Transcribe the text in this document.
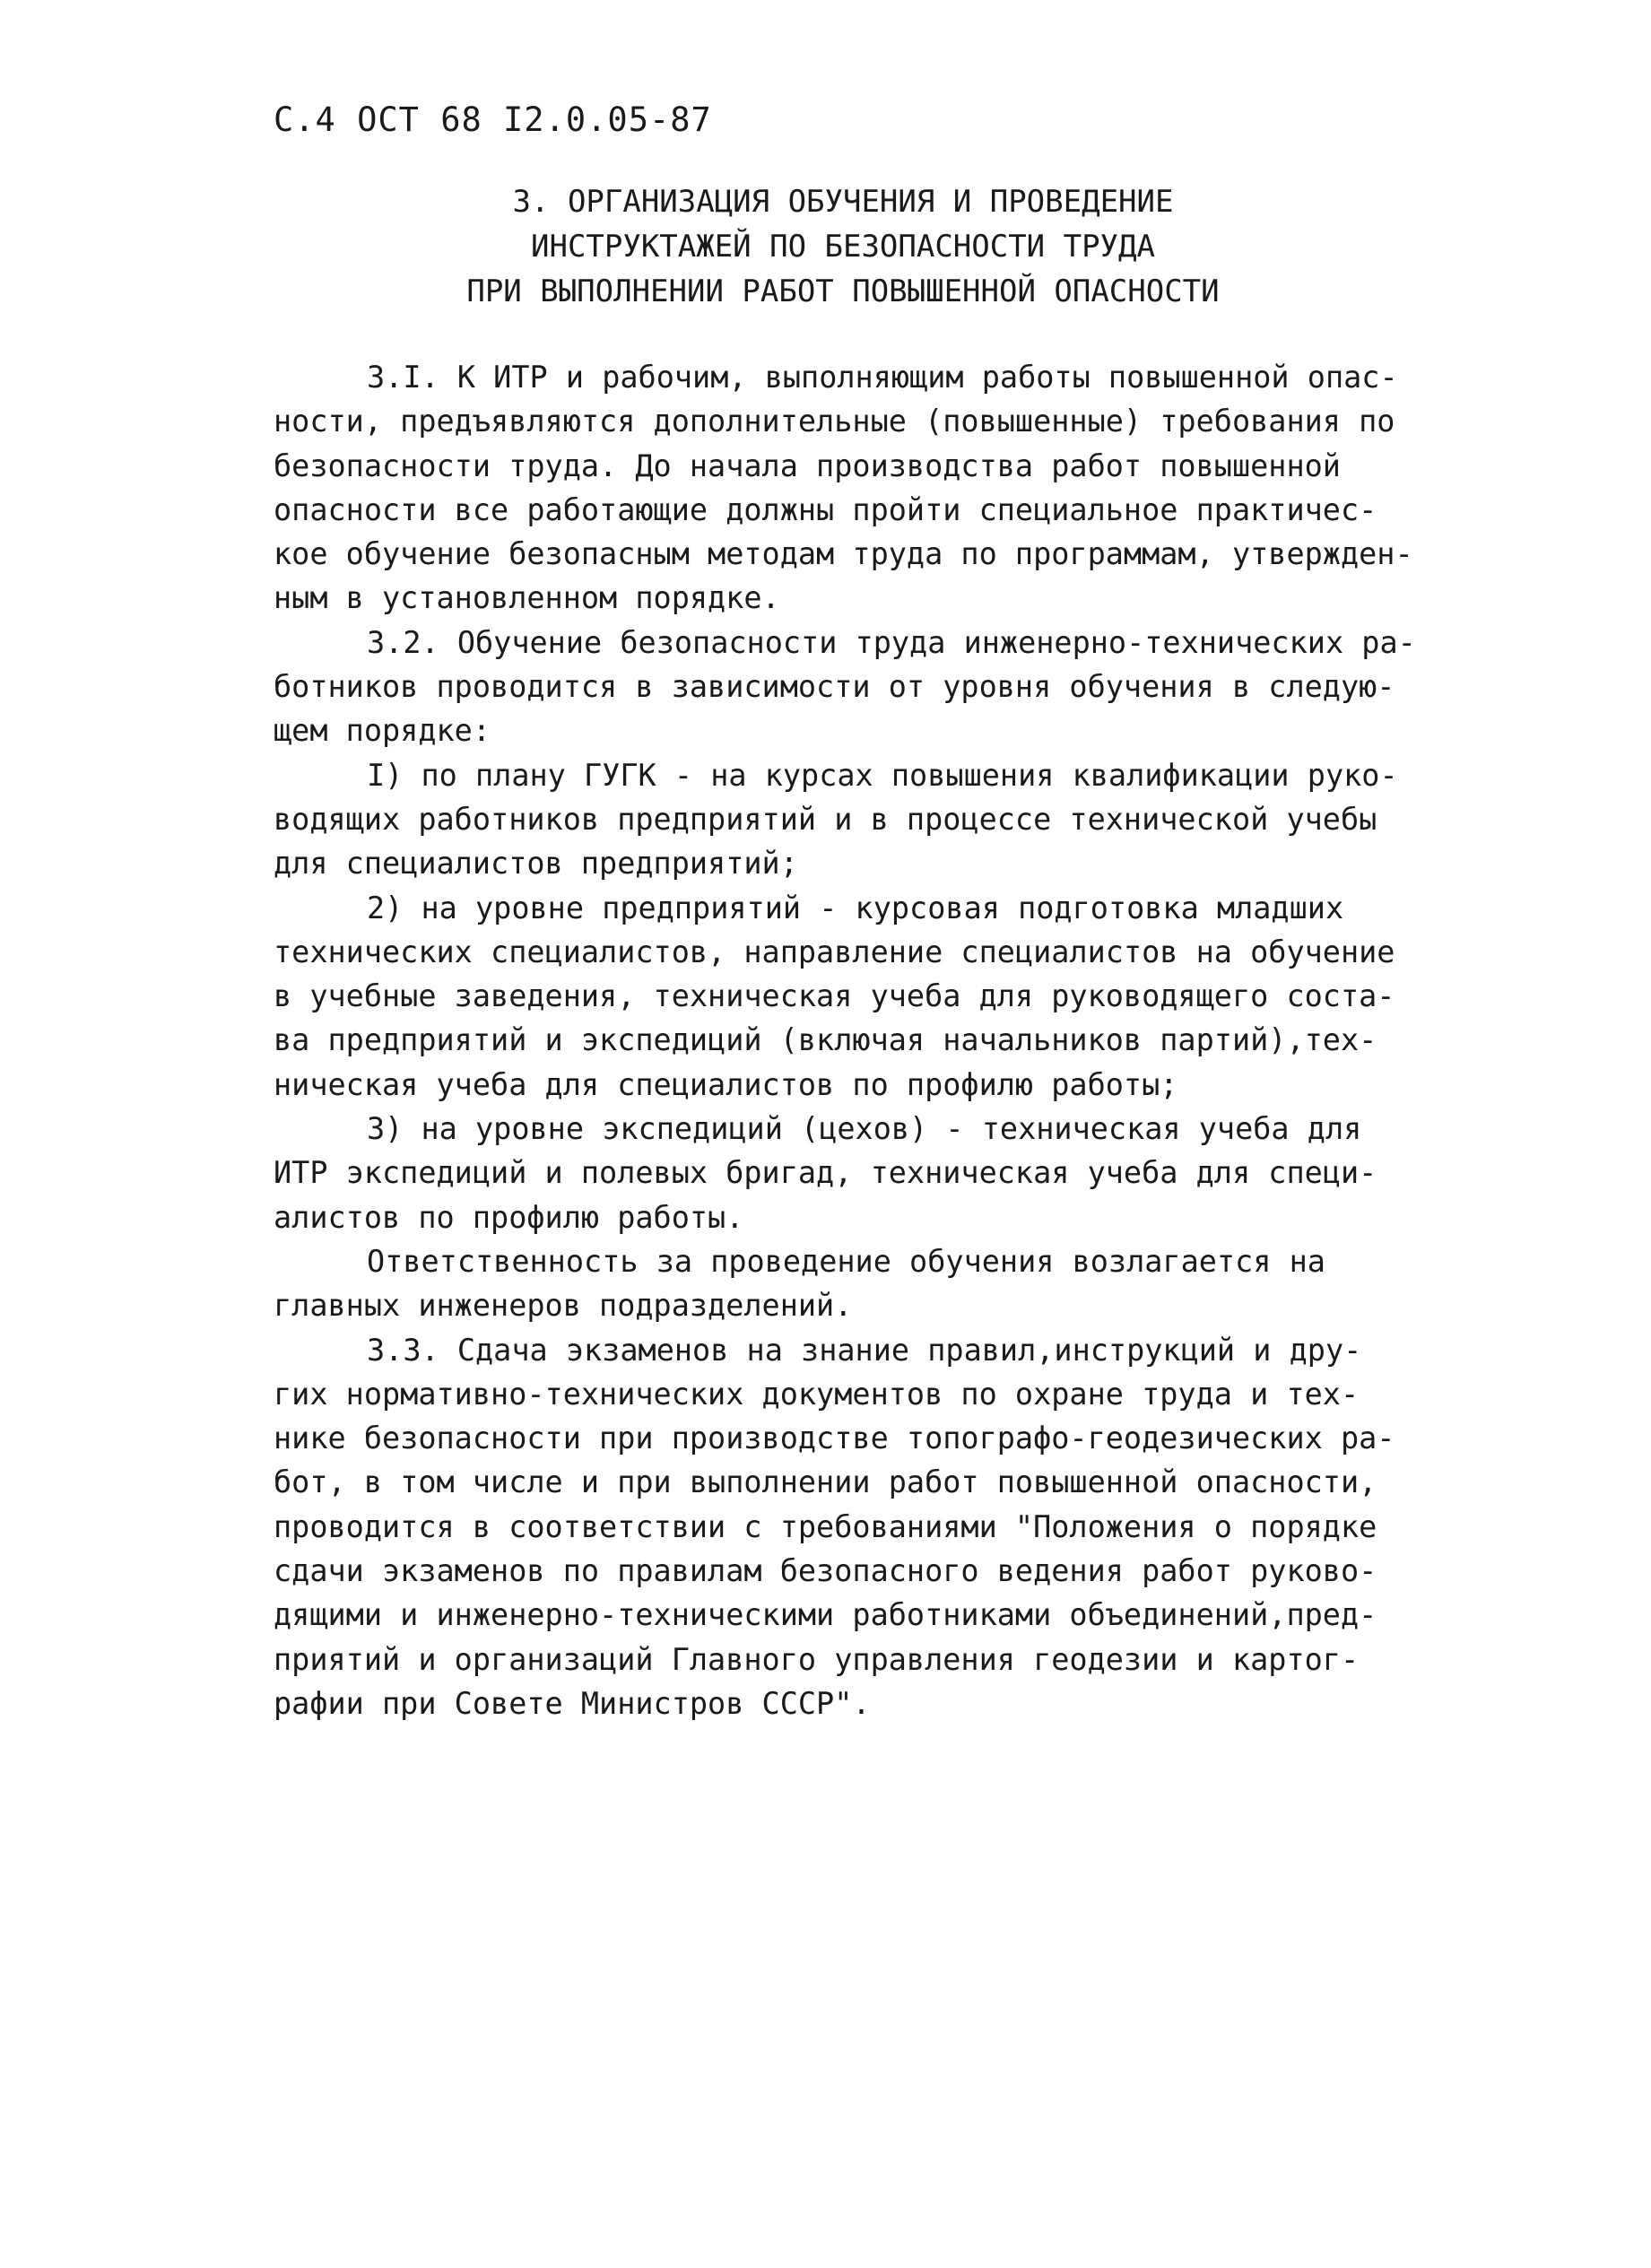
С.4 ОСТ 68 I2.0.05-87
3. ОРГАНИЗАЦИЯ ОБУЧЕНИЯ И ПРОВЕДЕНИЕ
ИНСТРУКТАЖЕЙ ПО БЕЗОПАСНОСТИ ТРУДА
ПРИ ВЫПОЛНЕНИИ РАБОТ ПОВЫШЕННОЙ ОПАСНОСТИ
3.I. К ИТР и рабочим, выполняющим работы повышенной опас-
ности, предъявляются дополнительные (повышенные) требования по
безопасности труда. До начала производства работ повышенной
опасности все работающие должны пройти специальное практичес-
кое обучение безопасным методам труда по программам, утвержден-
ным в установленном порядке.
3.2. Обучение безопасности труда инженерно-технических ра-
ботников проводится в зависимости от уровня обучения в следую-
щем порядке:
I) по плану ГУГК - на курсах повышения квалификации руко-
водящих работников предприятий и в процессе технической учебы
для специалистов предприятий;
2) на уровне предприятий - курсовая подготовка младших
технических специалистов, направление специалистов на обучение
в учебные заведения, техническая учеба для руководящего соста-
ва предприятий и экспедиций (включая начальников партий),тех-
ническая учеба для специалистов по профилю работы;
3) на уровне экспедиций (цехов) - техническая учеба для
ИТР экспедиций и полевых бригад, техническая учеба для специ-
алистов по профилю работы.
Ответственность за проведение обучения возлагается на
главных инженеров подразделений.
3.3. Сдача экзаменов на знание правил,инструкций и дру-
гих нормативно-технических документов по охране труда и тех-
нике безопасности при производстве топографо-геодезических ра-
бот, в том числе и при выполнении работ повышенной опасности,
проводится в соответствии с требованиями "Положения о порядке
сдачи экзаменов по правилам безопасного ведения работ руково-
дящими и инженерно-техническими работниками объединений,пред-
приятий и организаций Главного управления геодезии и картог-
рафии при Совете Министров СССР".
